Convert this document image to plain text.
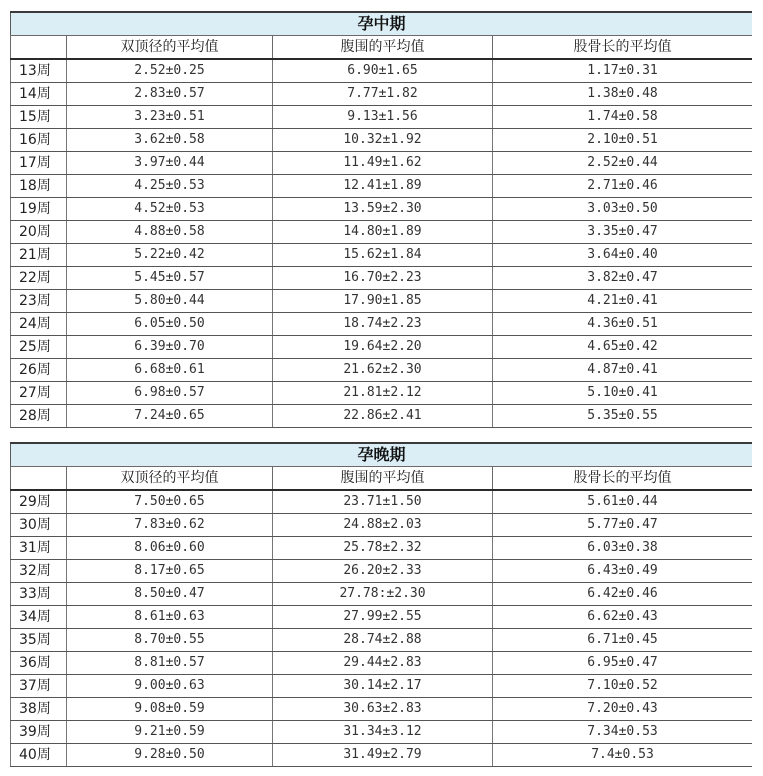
孕中期			
	双顶径的平均值	腹围的平均值	股骨长的平均值
13周	2.52±0.25	6.90±1.65	1.17±0.31
14周	2.83±0.57	7.77±1.82	1.38±0.48
15周	3.23±0.51	9.13±1.56	1.74±0.58
16周	3.62±0.58	10.32±1.92	2.10±0.51
17周	3.97±0.44	11.49±1.62	2.52±0.44
18周	4.25±0.53	12.41±1.89	2.71±0.46
19周	4.52±0.53	13.59±2.30	3.03±0.50
20周	4.88±0.58	14.80±1.89	3.35±0.47
21周	5.22±0.42	15.62±1.84	3.64±0.40
22周	5.45±0.57	16.70±2.23	3.82±0.47
23周	5.80±0.44	17.90±1.85	4.21±0.41
24周	6.05±0.50	18.74±2.23	4.36±0.51
25周	6.39±0.70	19.64±2.20	4.65±0.42
26周	6.68±0.61	21.62±2.30	4.87±0.41
27周	6.98±0.57	21.81±2.12	5.10±0.41
28周	7.24±0.65	22.86±2.41	5.35±0.55
孕晚期			
	双顶径的平均值	腹围的平均值	股骨长的平均值
29周	7.50±0.65	23.71±1.50	5.61±0.44
30周	7.83±0.62	24.88±2.03	5.77±0.47
31周	8.06±0.60	25.78±2.32	6.03±0.38
32周	8.17±0.65	26.20±2.33	6.43±0.49
33周	8.50±0.47	27.78:±2.30	6.42±0.46
34周	8.61±0.63	27.99±2.55	6.62±0.43
35周	8.70±0.55	28.74±2.88	6.71±0.45
36周	8.81±0.57	29.44±2.83	6.95±0.47
37周	9.00±0.63	30.14±2.17	7.10±0.52
38周	9.08±0.59	30.63±2.83	7.20±0.43
39周	9.21±0.59	31.34±3.12	7.34±0.53
40周	9.28±0.50	31.49±2.79	7.4±0.53
